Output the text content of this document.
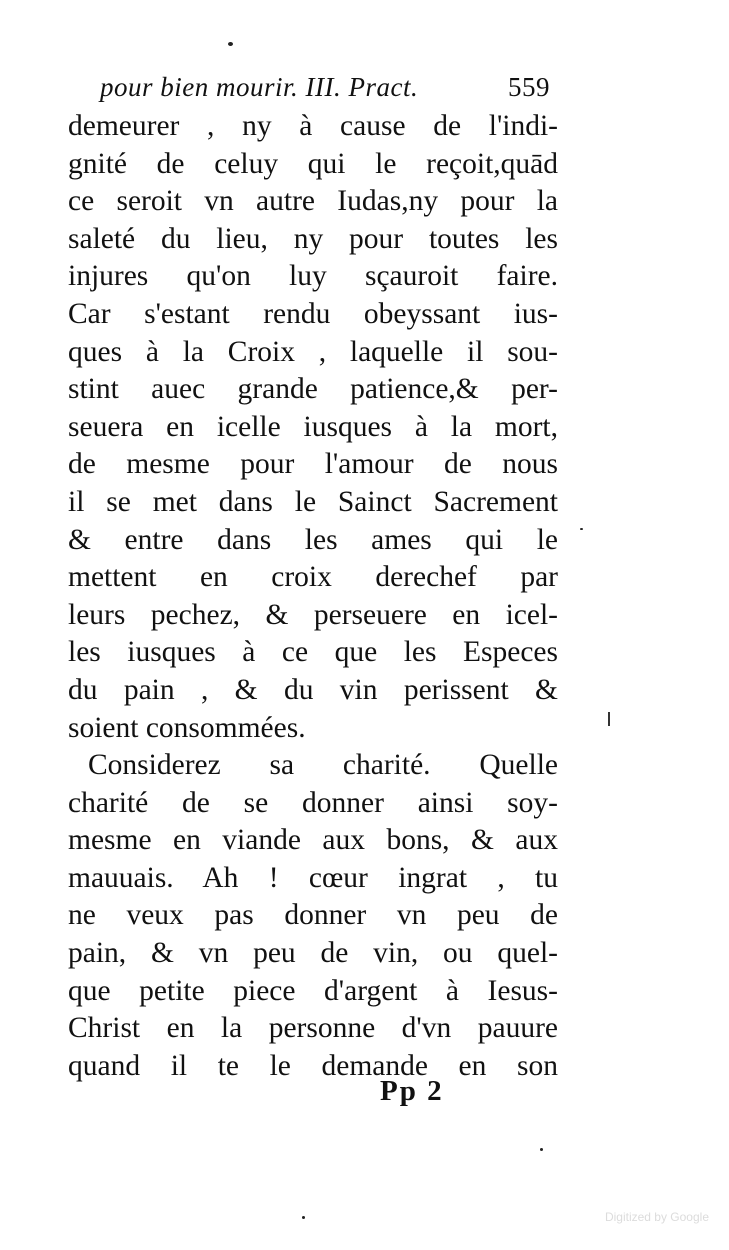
pour bien mourir. III. Pract.	559
demeurer , ny à cause de l'indi-
gnité de celuy qui le reçoit,quād
ce seroit vn autre Iudas,ny pour la
saleté du lieu, ny pour toutes les
injures qu'on luy sçauroit faire.
Car s'estant rendu obeyssant ius-
ques à la Croix , laquelle il sou-
stint auec grande patience,& per-
seuera en icelle iusques à la mort,
de mesme pour l'amour de nous
il se met dans le Sainct Sacrement
& entre dans les ames qui le
mettent en croix derechef par
leurs pechez, & perseuere en icel-
les iusques à ce que les Especes
du pain , & du vin perissent &
soient consommées.
Considerez sa charité. Quelle
charité de se donner ainsi soy-
mesme en viande aux bons, & aux
mauuais. Ah ! cœur ingrat , tu
ne veux pas donner vn peu de
pain, & vn peu de vin, ou quel-
que petite piece d'argent à Iesus-
Christ en la personne d'vn pauure
quand il te le demande en son
Pp 2
Digitized by Google
